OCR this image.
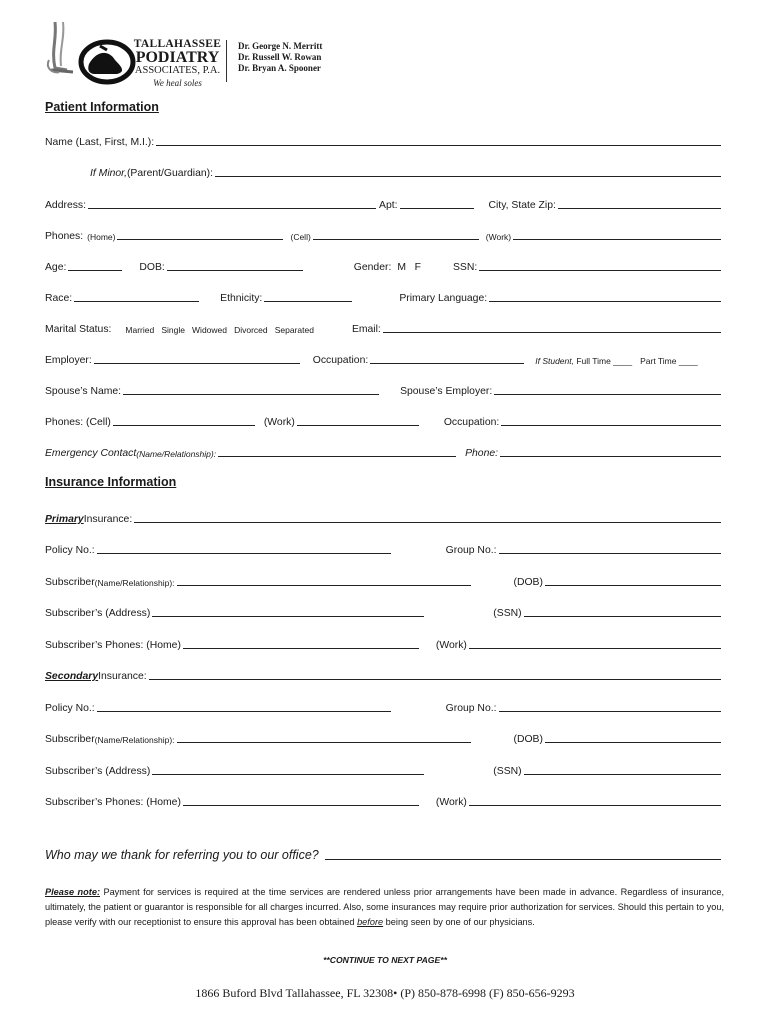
TALLAHASSEE
PODIATRY
ASSOCIATES, P.A.
We heal soles
Dr. George N. Merritt
Dr. Russell W. Rowan
Dr. Bryan A. Spooner
Patient Information
Name (Last, First, M.I.):
If Minor, (Parent/Guardian):
Address:	Apt:	City, State Zip:
Phones: (Home)	(Cell)	(Work)
Age:	DOB:	Gender: M   F	SSN:
Race:	Ethnicity:	Primary Language:
Marital Status: Married   Single   Widowed   Divorced   Separated	Email:
Employer:	Occupation:	If Student, Full Time ____ Part Time ____
Spouse’s Name:	Spouse’s Employer:
Phones: (Cell)	(Work)	Occupation:
Emergency Contact (Name/Relationship):	Phone:
Insurance Information
Primary Insurance:
Policy No.:	Group No.:
Subscriber (Name/Relationship):	(DOB)
Subscriber’s (Address)	(SSN)
Subscriber’s Phones: (Home)	(Work)
Secondary Insurance:
Policy No.:	Group No.:
Subscriber (Name/Relationship):	(DOB)
Subscriber’s (Address)	(SSN)
Subscriber’s Phones: (Home)	(Work)
Who may we thank for referring you to our office?
Please note: Payment for services is required at the time services are rendered unless prior arrangements have been made in advance. Regardless of insurance, ultimately, the patient or guarantor is responsible for all charges incurred. Also, some insurances may require prior authorization for services. Should this pertain to you, please verify with our receptionist to ensure this approval has been obtained before being seen by one of our physicians.
**CONTINUE TO NEXT PAGE**
1866 Buford Blvd Tallahassee, FL 32308• (P) 850-878-6998 (F) 850-656-9293
